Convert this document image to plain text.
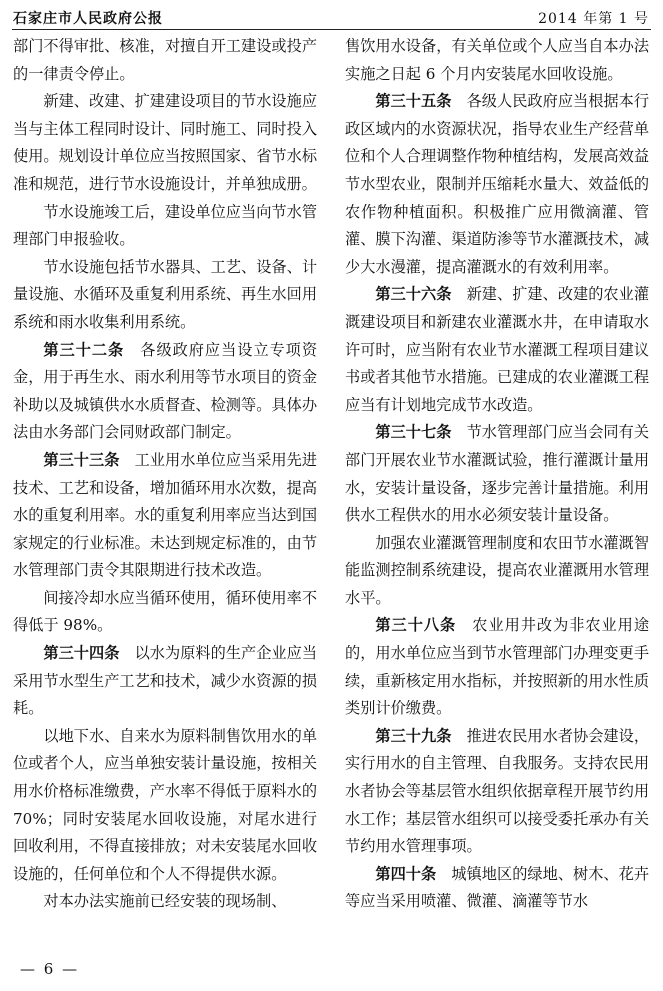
石家庄市人民政府公报	2014 年第 1 号

部门不得审批、核准，对擅自开工建设或投产的一律责令停止。

新建、改建、扩建建设项目的节水设施应当与主体工程同时设计、同时施工、同时投入使用。规划设计单位应当按照国家、省节水标准和规范，进行节水设施设计，并单独成册。

节水设施竣工后，建设单位应当向节水管理部门申报验收。

节水设施包括节水器具、工艺、设备、计量设施、水循环及重复利用系统、再生水回用系统和雨水收集利用系统。

第三十二条  各级政府应当设立专项资金，用于再生水、雨水利用等节水项目的资金补助以及城镇供水水质督查、检测等。具体办法由水务部门会同财政部门制定。

第三十三条  工业用水单位应当采用先进技术、工艺和设备，增加循环用水次数，提高水的重复利用率。水的重复利用率应当达到国家规定的行业标准。未达到规定标准的，由节水管理部门责令其限期进行技术改造。

间接冷却水应当循环使用，循环使用率不得低于 98%。

第三十四条  以水为原料的生产企业应当采用节水型生产工艺和技术，减少水资源的损耗。

以地下水、自来水为原料制售饮用水的单位或者个人，应当单独安装计量设施，按相关用水价格标准缴费，产水率不得低于原料水的 70%；同时安装尾水回收设施，对尾水进行回收利用，不得直接排放；对未安装尾水回收设施的，任何单位和个人不得提供水源。

对本办法实施前已经安装的现场制、

售饮用水设备，有关单位或个人应当自本办法实施之日起 6 个月内安装尾水回收设施。

第三十五条  各级人民政府应当根据本行政区域内的水资源状况，指导农业生产经营单位和个人合理调整作物种植结构，发展高效益节水型农业，限制并压缩耗水量大、效益低的农作物种植面积。积极推广应用微滴灌、管灌、膜下沟灌、渠道防渗等节水灌溉技术，减少大水漫灌，提高灌溉水的有效利用率。

第三十六条  新建、扩建、改建的农业灌溉建设项目和新建农业灌溉水井，在申请取水许可时，应当附有农业节水灌溉工程项目建议书或者其他节水措施。已建成的农业灌溉工程应当有计划地完成节水改造。

第三十七条  节水管理部门应当会同有关部门开展农业节水灌溉试验，推行灌溉计量用水，安装计量设备，逐步完善计量措施。利用供水工程供水的用水必须安装计量设备。

加强农业灌溉管理制度和农田节水灌溉智能监测控制系统建设，提高农业灌溉用水管理水平。

第三十八条  农业用井改为非农业用途的，用水单位应当到节水管理部门办理变更手续，重新核定用水指标，并按照新的用水性质类别计价缴费。

第三十九条  推进农民用水者协会建设，实行用水的自主管理、自我服务。支持农民用水者协会等基层管水组织依据章程开展节约用水工作；基层管水组织可以接受委托承办有关节约用水管理事项。

第四十条  城镇地区的绿地、树木、花卉等应当采用喷灌、微灌、滴灌等节水

— 6 —
